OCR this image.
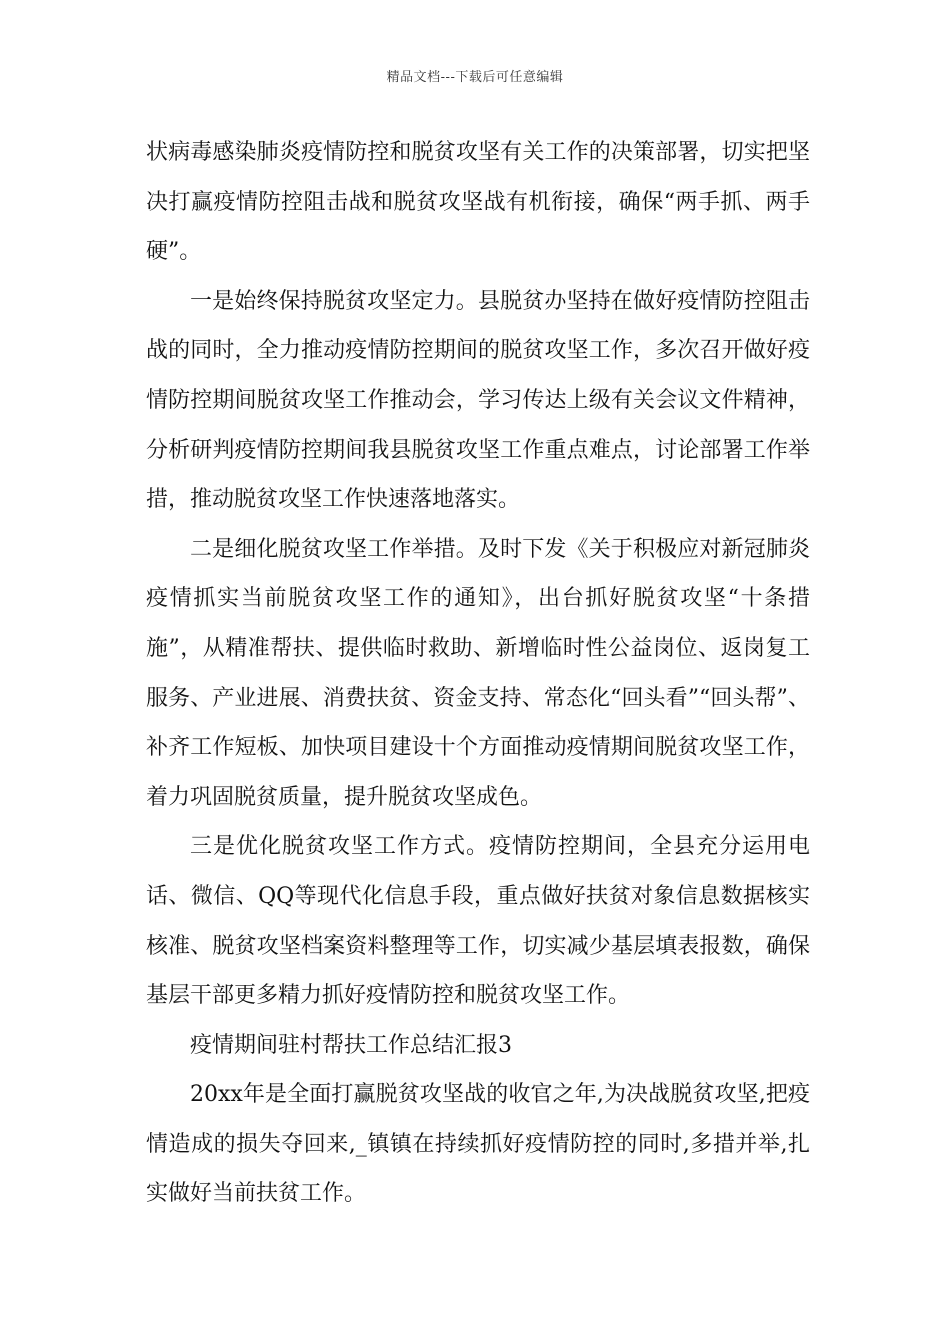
精品文档---下载后可任意编辑

状病毒感染肺炎疫情防控和脱贫攻坚有关工作的决策部署，切实把坚决打赢疫情防控阻击战和脱贫攻坚战有机衔接，确保“两手抓、两手硬”。

一是始终保持脱贫攻坚定力。县脱贫办坚持在做好疫情防控阻击战的同时，全力推动疫情防控期间的脱贫攻坚工作，多次召开做好疫情防控期间脱贫攻坚工作推动会，学习传达上级有关会议文件精神，分析研判疫情防控期间我县脱贫攻坚工作重点难点，讨论部署工作举措，推动脱贫攻坚工作快速落地落实。

二是细化脱贫攻坚工作举措。及时下发《关于积极应对新冠肺炎疫情抓实当前脱贫攻坚工作的通知》，出台抓好脱贫攻坚“十条措施”，从精准帮扶、提供临时救助、新增临时性公益岗位、返岗复工服务、产业进展、消费扶贫、资金支持、常态化“回头看”“回头帮”、补齐工作短板、加快项目建设十个方面推动疫情期间脱贫攻坚工作，着力巩固脱贫质量，提升脱贫攻坚成色。

三是优化脱贫攻坚工作方式。疫情防控期间，全县充分运用电话、微信、QQ等现代化信息手段，重点做好扶贫对象信息数据核实核准、脱贫攻坚档案资料整理等工作，切实减少基层填表报数，确保基层干部更多精力抓好疫情防控和脱贫攻坚工作。

疫情期间驻村帮扶工作总结汇报3

20xx年是全面打赢脱贫攻坚战的收官之年,为决战脱贫攻坚,把疫情造成的损失夺回来,_镇镇在持续抓好疫情防控的同时,多措并举,扎实做好当前扶贫工作。
